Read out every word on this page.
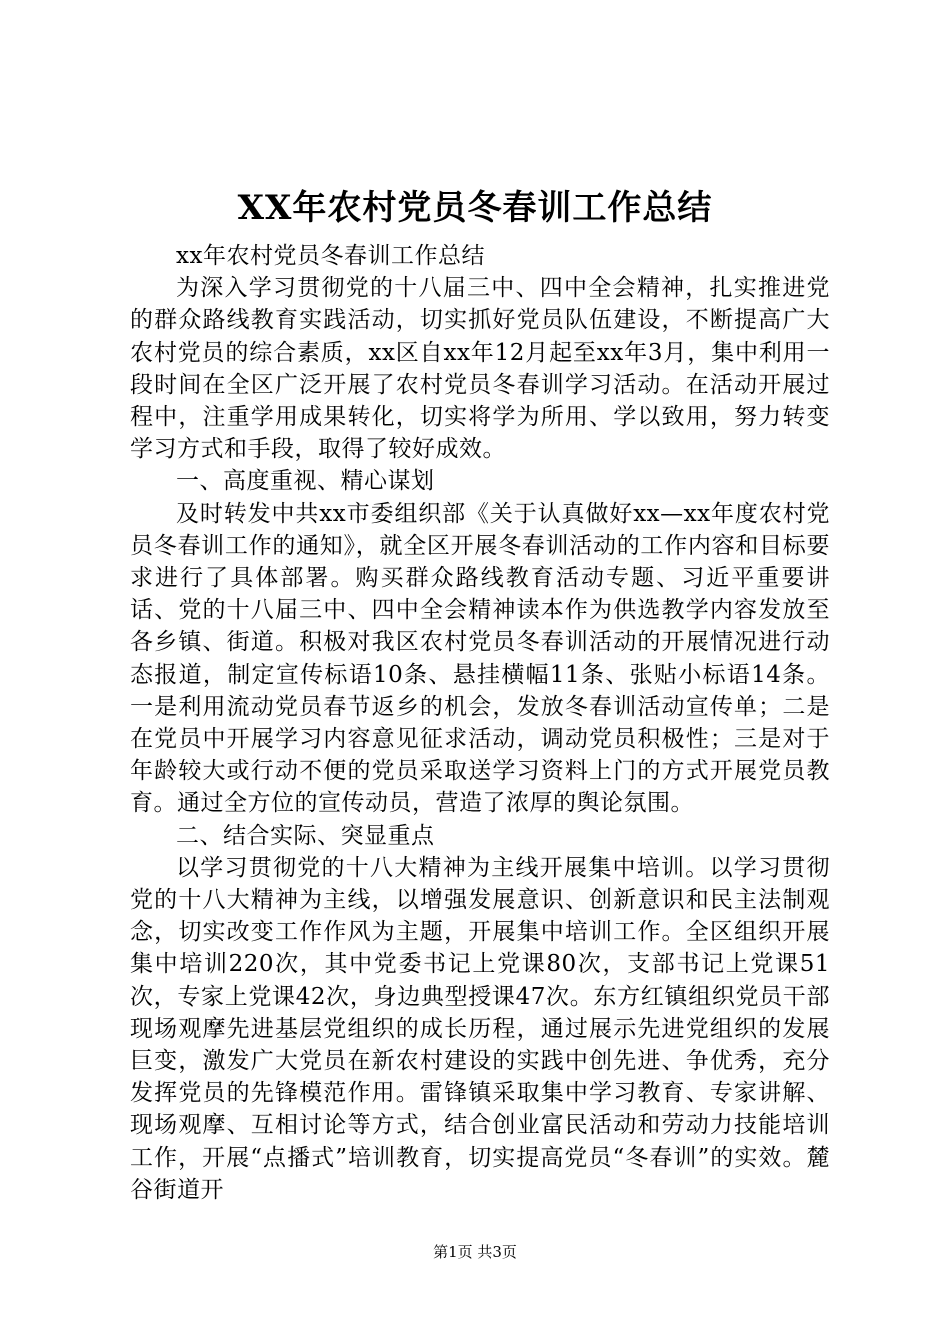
XX年农村党员冬春训工作总结

xx年农村党员冬春训工作总结

为深入学习贯彻党的十八届三中、四中全会精神，扎实推进党的群众路线教育实践活动，切实抓好党员队伍建设，不断提高广大农村党员的综合素质，xx区自xx年12月起至xx年3月，集中利用一段时间在全区广泛开展了农村党员冬春训学习活动。在活动开展过程中，注重学用成果转化，切实将学为所用、学以致用，努力转变学习方式和手段，取得了较好成效。

一、高度重视、精心谋划

及时转发中共xx市委组织部《关于认真做好xx—xx年度农村党员冬春训工作的通知》，就全区开展冬春训活动的工作内容和目标要求进行了具体部署。购买群众路线教育活动专题、习近平重要讲话、党的十八届三中、四中全会精神读本作为供选教学内容发放至各乡镇、街道。积极对我区农村党员冬春训活动的开展情况进行动态报道，制定宣传标语10条、悬挂横幅11条、张贴小标语14条。一是利用流动党员春节返乡的机会，发放冬春训活动宣传单；二是在党员中开展学习内容意见征求活动，调动党员积极性；三是对于年龄较大或行动不便的党员采取送学习资料上门的方式开展党员教育。通过全方位的宣传动员，营造了浓厚的舆论氛围。

二、结合实际、突显重点

以学习贯彻党的十八大精神为主线开展集中培训。以学习贯彻党的十八大精神为主线，以增强发展意识、创新意识和民主法制观念，切实改变工作作风为主题，开展集中培训工作。全区组织开展集中培训220次，其中党委书记上党课80次，支部书记上党课51次，专家上党课42次，身边典型授课47次。东方红镇组织党员干部现场观摩先进基层党组织的成长历程，通过展示先进党组织的发展巨变，激发广大党员在新农村建设的实践中创先进、争优秀，充分发挥党员的先锋模范作用。雷锋镇采取集中学习教育、专家讲解、现场观摩、互相讨论等方式，结合创业富民活动和劳动力技能培训工作，开展“点播式”培训教育，切实提高党员“冬春训”的实效。麓谷街道开

第1页 共3页
